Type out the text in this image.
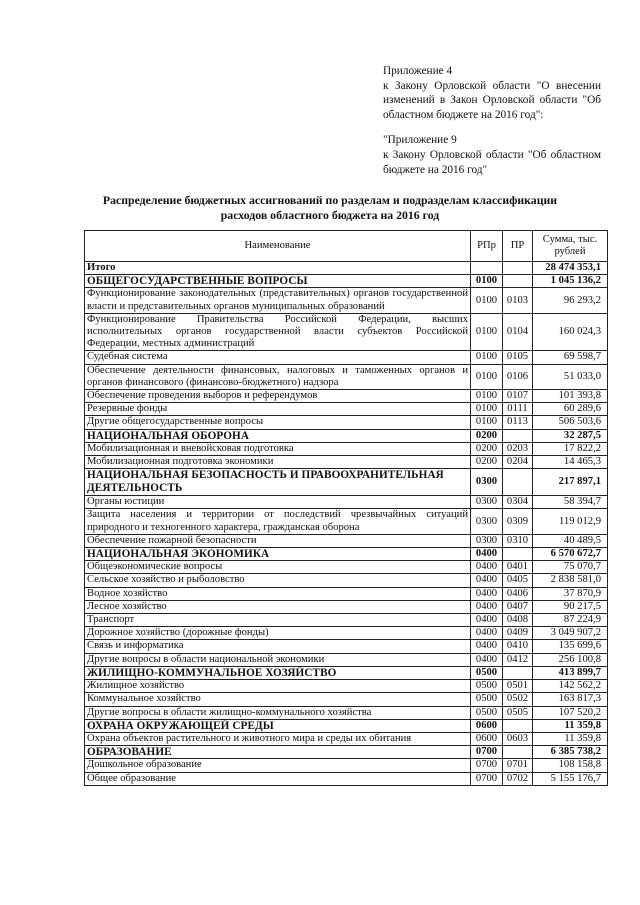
Приложение 4

к Закону Орловской области "О внесении изменений в Закон Орловской области "Об областном бюджете на 2016 год":

"Приложение 9

к Закону Орловской области "Об областном бюджете на 2016 год"

Распределение бюджетных ассигнований по разделам и подразделам классификации расходов областного бюджета на 2016 год
Наименование	РПр	ПР	Сумма, тыс. рублей
Итого			28 474 353,1
ОБЩЕГОСУДАРСТВЕННЫЕ ВОПРОСЫ	0100		1 045 136,2
Функционирование законодательных (представительных) органов государственной власти и представительных органов муниципальных образований	0100	0103	96 293,2
Функционирование Правительства Российской Федерации, высших исполнительных органов государственной власти субъектов Российской Федерации, местных администраций	0100	0104	160 024,3
Судебная система	0100	0105	69 598,7
Обеспечение деятельности финансовых, налоговых и таможенных органов и органов финансового (финансово-бюджетного) надзора	0100	0106	51 033,0
Обеспечение проведения выборов и референдумов	0100	0107	101 393,8
Резервные фонды	0100	0111	60 289,6
Другие общегосударственные вопросы	0100	0113	506 503,6
НАЦИОНАЛЬНАЯ ОБОРОНА	0200		32 287,5
Мобилизационная и вневойсковая подготовка	0200	0203	17 822,2
Мобилизационная подготовка экономики	0200	0204	14 465,3
НАЦИОНАЛЬНАЯ БЕЗОПАСНОСТЬ И ПРАВООХРАНИТЕЛЬНАЯ ДЕЯТЕЛЬНОСТЬ	0300		217 897,1
Органы юстиции	0300	0304	58 394,7
Защита населения и территории от последствий чрезвычайных ситуаций природного и техногенного характера, гражданская оборона	0300	0309	119 012,9
Обеспечение пожарной безопасности	0300	0310	40 489,5
НАЦИОНАЛЬНАЯ ЭКОНОМИКА	0400		6 570 672,7
Общеэкономические вопросы	0400	0401	75 070,7
Сельское хозяйство и рыболовство	0400	0405	2 838 581,0
Водное хозяйство	0400	0406	37 870,9
Лесное хозяйство	0400	0407	90 217,5
Транспорт	0400	0408	87 224,9
Дорожное хозяйство (дорожные фонды)	0400	0409	3 049 907,2
Связь и информатика	0400	0410	135 699,6
Другие вопросы в области национальной экономики	0400	0412	256 100,8
ЖИЛИЩНО-КОММУНАЛЬНОЕ ХОЗЯЙСТВО	0500		413 899,7
Жилищное хозяйство	0500	0501	142 562,2
Коммунальное хозяйство	0500	0502	163 817,3
Другие вопросы в области жилищно-коммунального хозяйства	0500	0505	107 520,2
ОХРАНА ОКРУЖАЮЩЕЙ СРЕДЫ	0600		11 359,8
Охрана объектов растительного и животного мира и среды их обитания	0600	0603	11 359,8
ОБРАЗОВАНИЕ	0700		6 385 738,2
Дошкольное образование	0700	0701	108 158,8
Общее образование	0700	0702	5 155 176,7
